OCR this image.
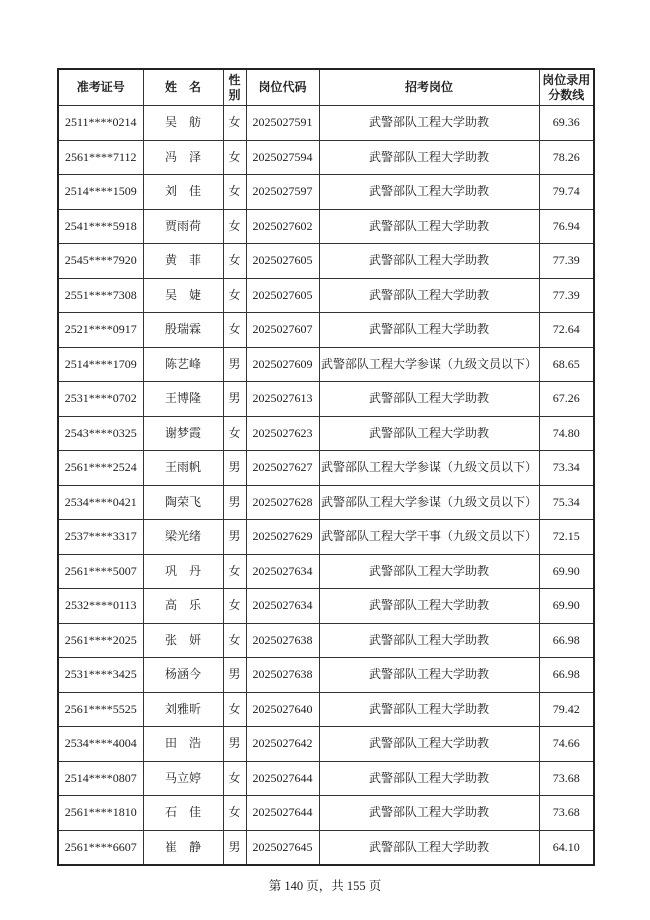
准考证号	姓　名	性别	岗位代码	招考岗位	岗位录用分数线
2511****0214	吴　舫	女	2025027591	武警部队工程大学助教	69.36
2561****7112	冯　泽	女	2025027594	武警部队工程大学助教	78.26
2514****1509	刘　佳	女	2025027597	武警部队工程大学助教	79.74
2541****5918	贾雨荷	女	2025027602	武警部队工程大学助教	76.94
2545****7920	黄　菲	女	2025027605	武警部队工程大学助教	77.39
2551****7308	吴　婕	女	2025027605	武警部队工程大学助教	77.39
2521****0917	殷瑞霖	女	2025027607	武警部队工程大学助教	72.64
2514****1709	陈艺峰	男	2025027609	武警部队工程大学参谋（九级文员以下）	68.65
2531****0702	王博隆	男	2025027613	武警部队工程大学助教	67.26
2543****0325	谢梦霞	女	2025027623	武警部队工程大学助教	74.80
2561****2524	王雨帆	男	2025027627	武警部队工程大学参谋（九级文员以下）	73.34
2534****0421	陶荣飞	男	2025027628	武警部队工程大学参谋（九级文员以下）	75.34
2537****3317	梁光绪	男	2025027629	武警部队工程大学干事（九级文员以下）	72.15
2561****5007	巩　丹	女	2025027634	武警部队工程大学助教	69.90
2532****0113	高　乐	女	2025027634	武警部队工程大学助教	69.90
2561****2025	张　妍	女	2025027638	武警部队工程大学助教	66.98
2531****3425	杨涵今	男	2025027638	武警部队工程大学助教	66.98
2561****5525	刘雅昕	女	2025027640	武警部队工程大学助教	79.42
2534****4004	田　浩	男	2025027642	武警部队工程大学助教	74.66
2514****0807	马立婷	女	2025027644	武警部队工程大学助教	73.68
2561****1810	石　佳	女	2025027644	武警部队工程大学助教	73.68
2561****6607	崔　静	男	2025027645	武警部队工程大学助教	64.10
第 140 页，共 155 页
